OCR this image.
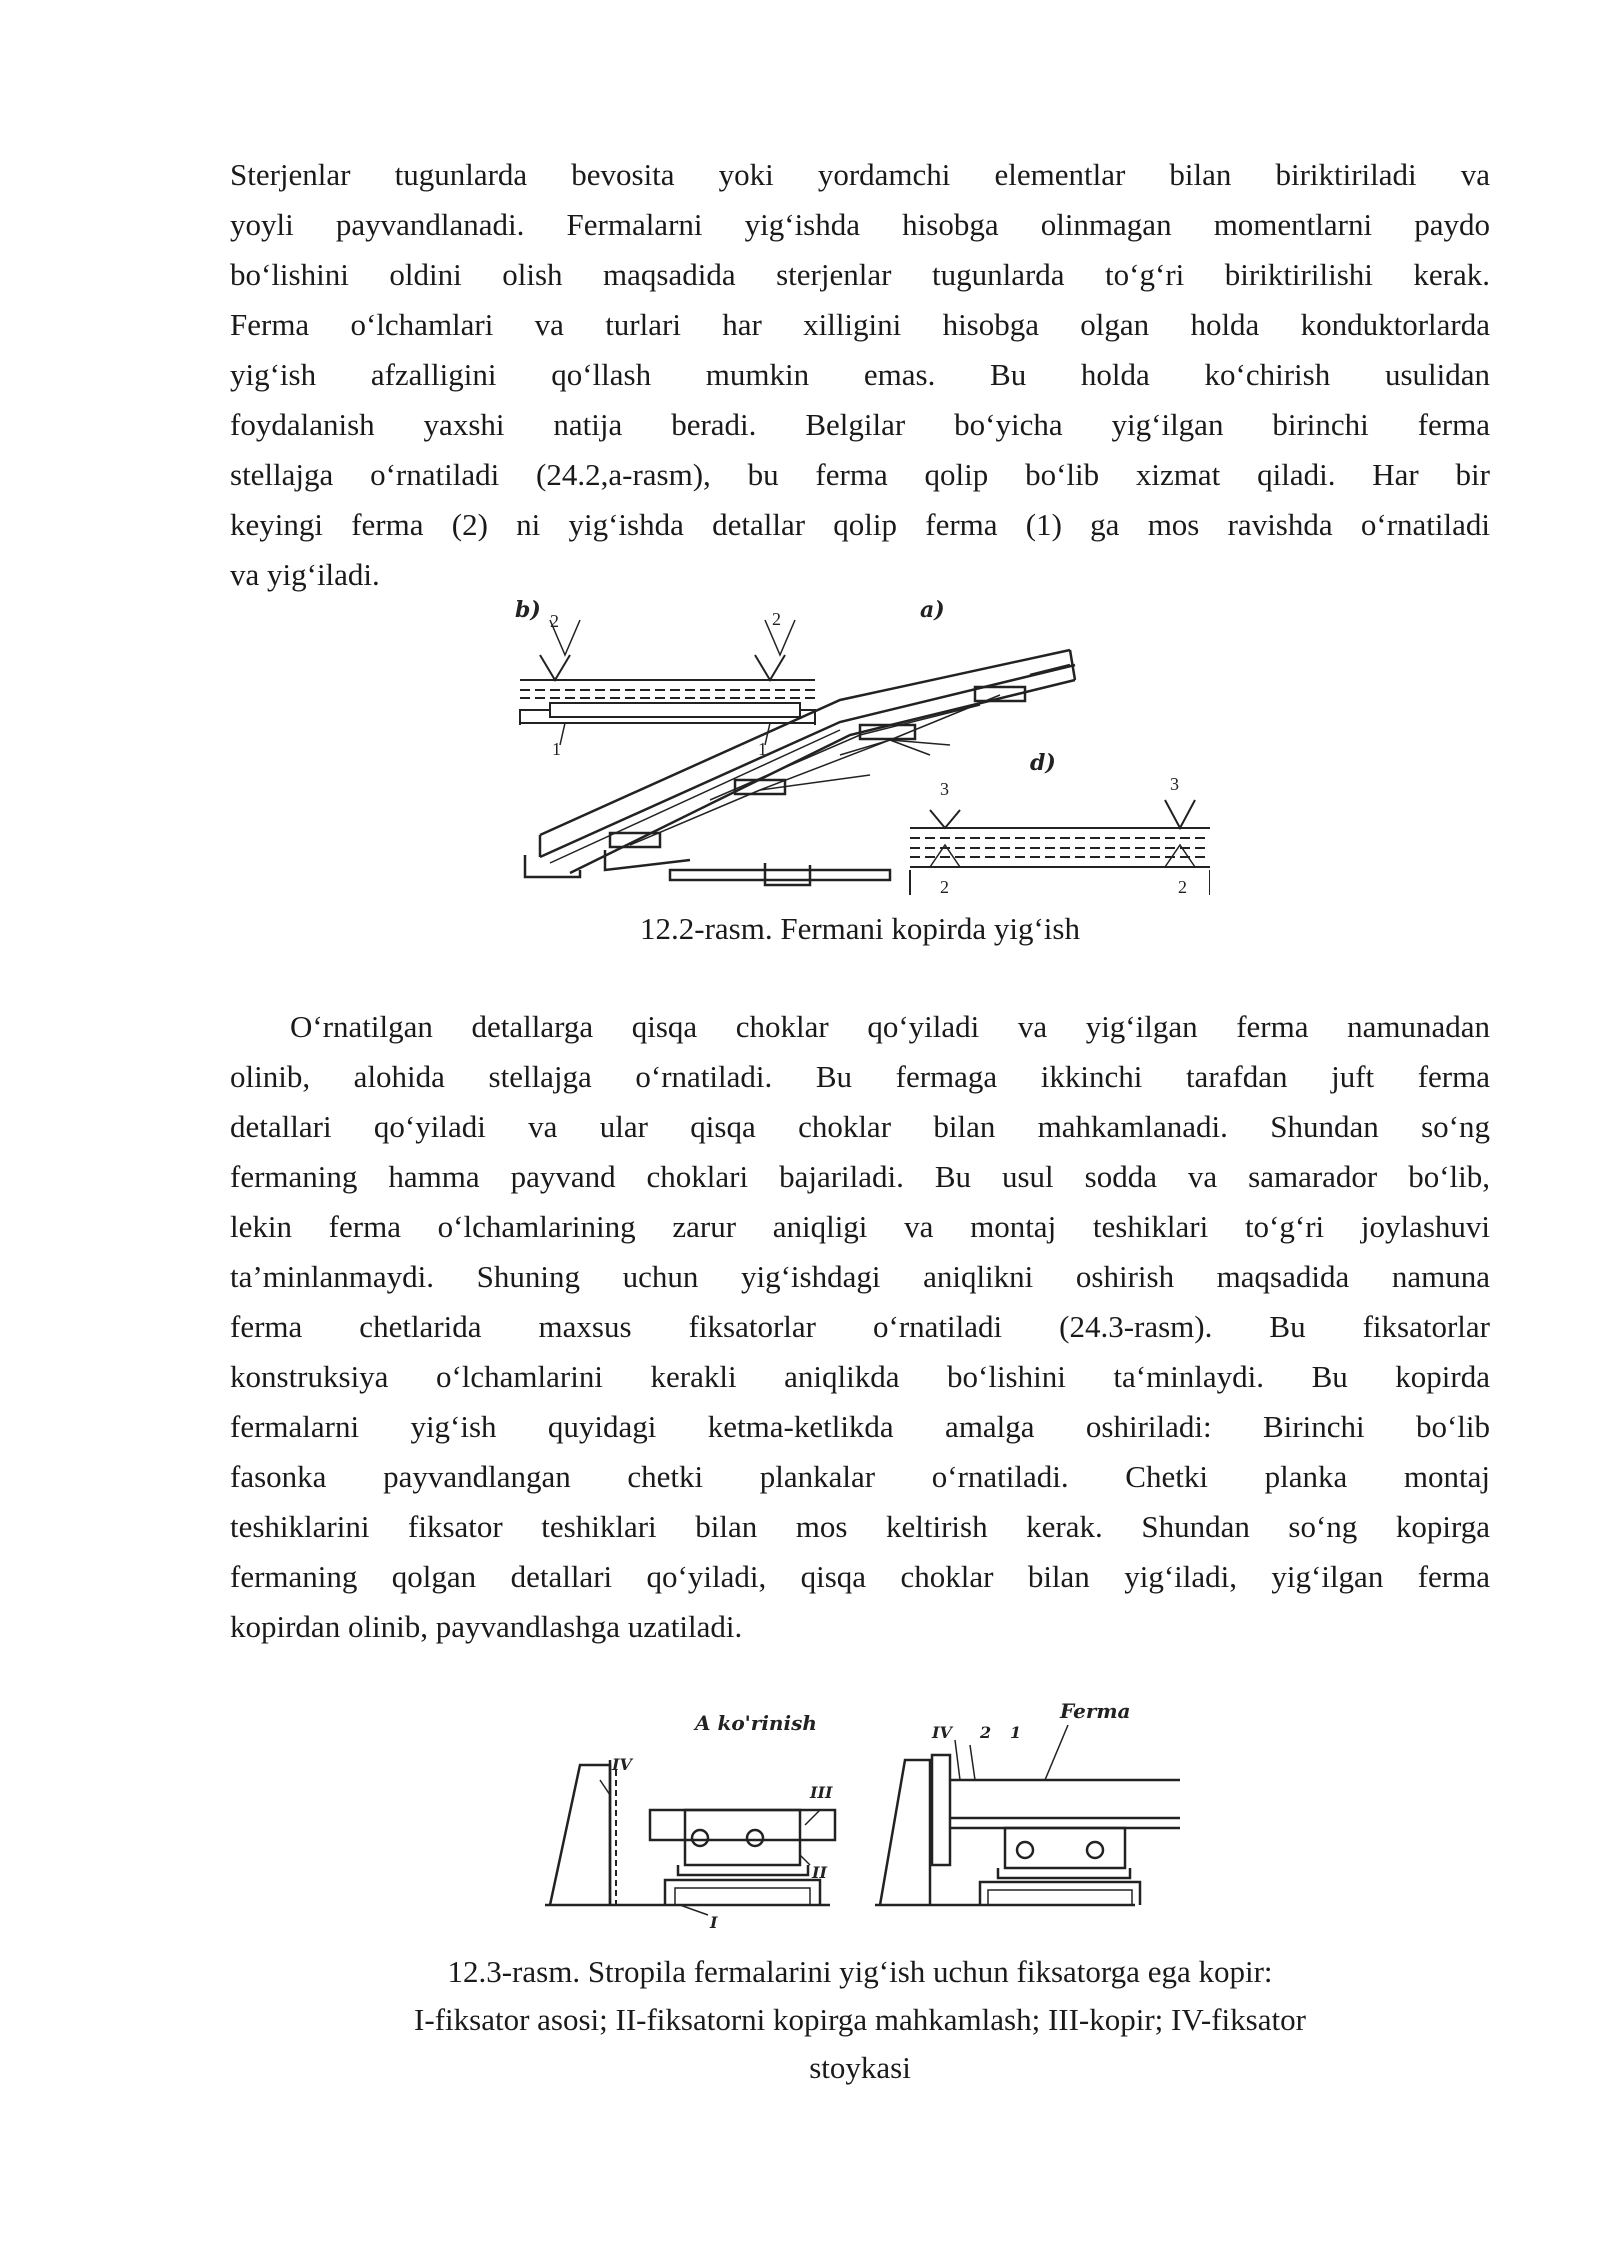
Sterjenlar tugunlarda bevosita yoki yordamchi elementlar bilan biriktiriladi va
yoyli payvandlanadi. Fermalarni yig‘ishda hisobga olinmagan momentlarni paydo
bo‘lishini oldini olish maqsadida sterjenlar tugunlarda to‘g‘ri biriktirilishi kerak.
Ferma o‘lchamlari va turlari har xilligini hisobga olgan holda konduktorlarda
yig‘ish afzalligini qo‘llash mumkin emas. Bu holda ko‘chirish usulidan
foydalanish yaxshi natija beradi. Belgilar bo‘yicha yig‘ilgan birinchi ferma
stellajga o‘rnatiladi (24.2,a-rasm), bu ferma qolip bo‘lib xizmat qiladi. Har bir
keyingi ferma (2) ni yig‘ishda detallar qolip ferma (1) ga mos ravishda o‘rnatiladi
va yig‘iladi.
b)	a)
d)
2	2
1	1
3	3
2	2

12.2-rasm. Fermani kopirda yig‘ish

O‘rnatilgan detallarga qisqa choklar qo‘yiladi va yig‘ilgan ferma namunadan
olinib, alohida stellajga o‘rnatiladi. Bu fermaga ikkinchi tarafdan juft ferma
detallari qo‘yiladi va ular qisqa choklar bilan mahkamlanadi. Shundan so‘ng
fermaning hamma payvand choklari bajariladi. Bu usul sodda va samarador bo‘lib,
lekin ferma o‘lchamlarining zarur aniqligi va montaj teshiklari to‘g‘ri joylashuvi
ta’minlanmaydi. Shuning uchun yig‘ishdagi aniqlikni oshirish maqsadida namuna
ferma chetlarida maxsus fiksatorlar o‘rnatiladi (24.3-rasm). Bu fiksatorlar
konstruksiya o‘lchamlarini kerakli aniqlikda bo‘lishini ta‘minlaydi. Bu kopirda
fermalarni yig‘ish quyidagi ketma-ketlikda amalga oshiriladi: Birinchi bo‘lib
fasonka payvandlangan chetki plankalar o‘rnatiladi. Chetki planka montaj
teshiklarini fiksator teshiklari bilan mos keltirish kerak. Shundan so‘ng kopirga
fermaning qolgan detallari qo‘yiladi, qisqa choklar bilan yig‘iladi, yig‘ilgan ferma
kopirdan olinib, payvandlashga uzatiladi.
A ko'rinish	Ferma
IV
III
II
I
IV 2 1
12.3-rasm. Stropila fermalarini yig‘ish uchun fiksatorga ega kopir:
I-fiksator asosi; II-fiksatorni kopirga mahkamlash; III-kopir; IV-fiksator
stoykasi
